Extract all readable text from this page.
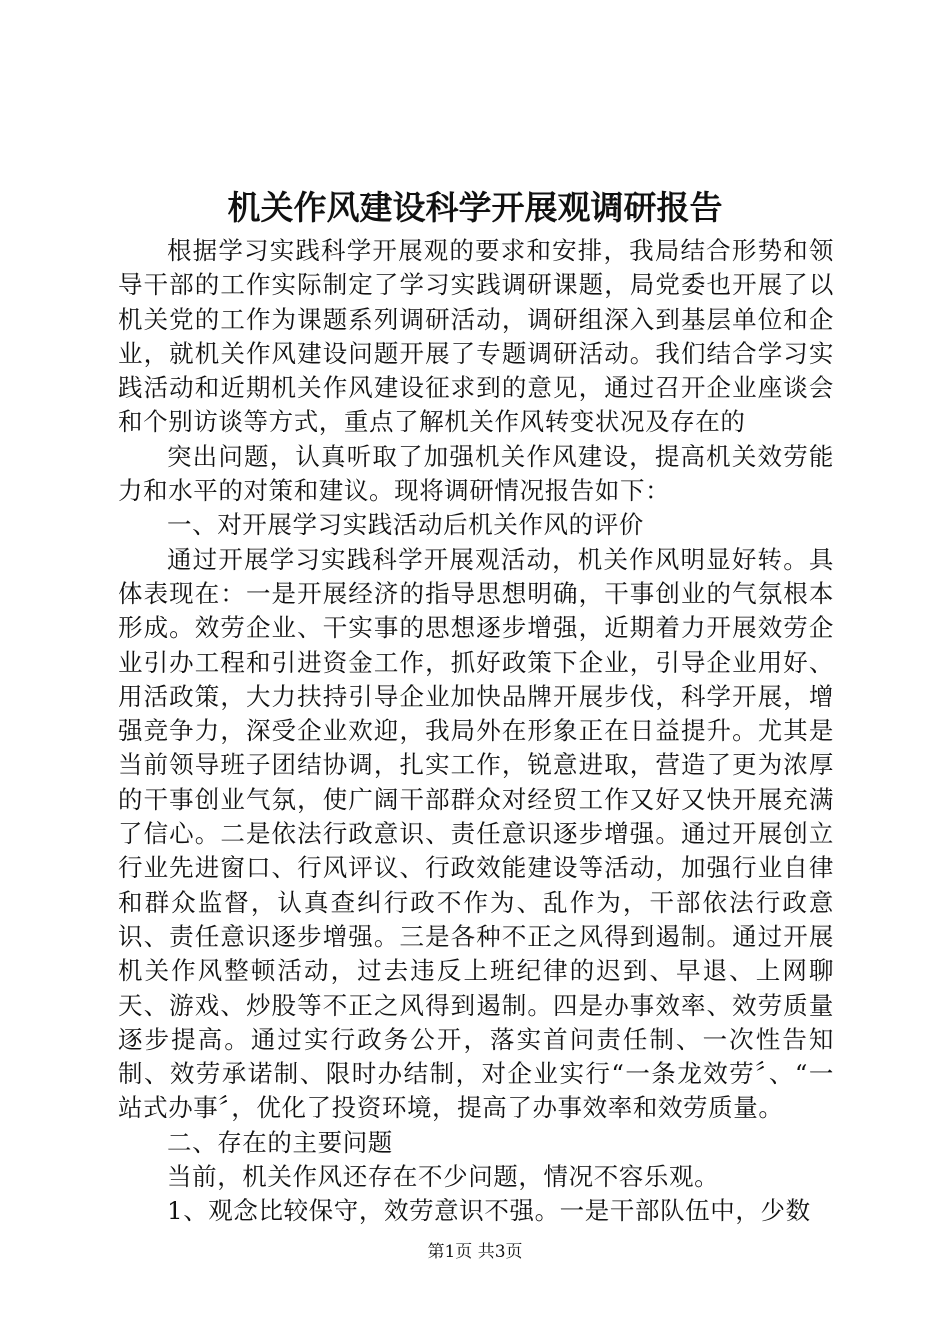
机关作风建设科学开展观调研报告

根据学习实践科学开展观的要求和安排，我局结合形势和领导干部的工作实际制定了学习实践调研课题，局党委也开展了以机关党的工作为课题系列调研活动，调研组深入到基层单位和企业，就机关作风建设问题开展了专题调研活动。我们结合学习实践活动和近期机关作风建设征求到的意见，通过召开企业座谈会和个别访谈等方式，重点了解机关作风转变状况及存在的

突出问题，认真听取了加强机关作风建设，提高机关效劳能力和水平的对策和建议。现将调研情况报告如下：

一、对开展学习实践活动后机关作风的评价

通过开展学习实践科学开展观活动，机关作风明显好转。具体表现在：一是开展经济的指导思想明确，干事创业的气氛根本形成。效劳企业、干实事的思想逐步增强，近期着力开展效劳企业引办工程和引进资金工作，抓好政策下企业，引导企业用好、用活政策，大力扶持引导企业加快品牌开展步伐，科学开展，增强竞争力，深受企业欢迎，我局外在形象正在日益提升。尤其是当前领导班子团结协调，扎实工作，锐意进取，营造了更为浓厚的干事创业气氛，使广阔干部群众对经贸工作又好又快开展充满了信心。二是依法行政意识、责任意识逐步增强。通过开展创立行业先进窗口、行风评议、行政效能建设等活动，加强行业自律和群众监督，认真查纠行政不作为、乱作为，干部依法行政意识、责任意识逐步增强。三是各种不正之风得到遏制。通过开展机关作风整顿活动，过去违反上班纪律的迟到、早退、上网聊天、游戏、炒股等不正之风得到遏制。四是办事效率、效劳质量逐步提高。通过实行政务公开，落实首问责任制、一次性告知制、效劳承诺制、限时办结制，对企业实行“一条龙效劳〞、“一站式办事〞，优化了投资环境，提高了办事效率和效劳质量。

二、存在的主要问题

当前，机关作风还存在不少问题，情况不容乐观。

1、观念比较保守，效劳意识不强。一是干部队伍中，少数

第1页 共3页
